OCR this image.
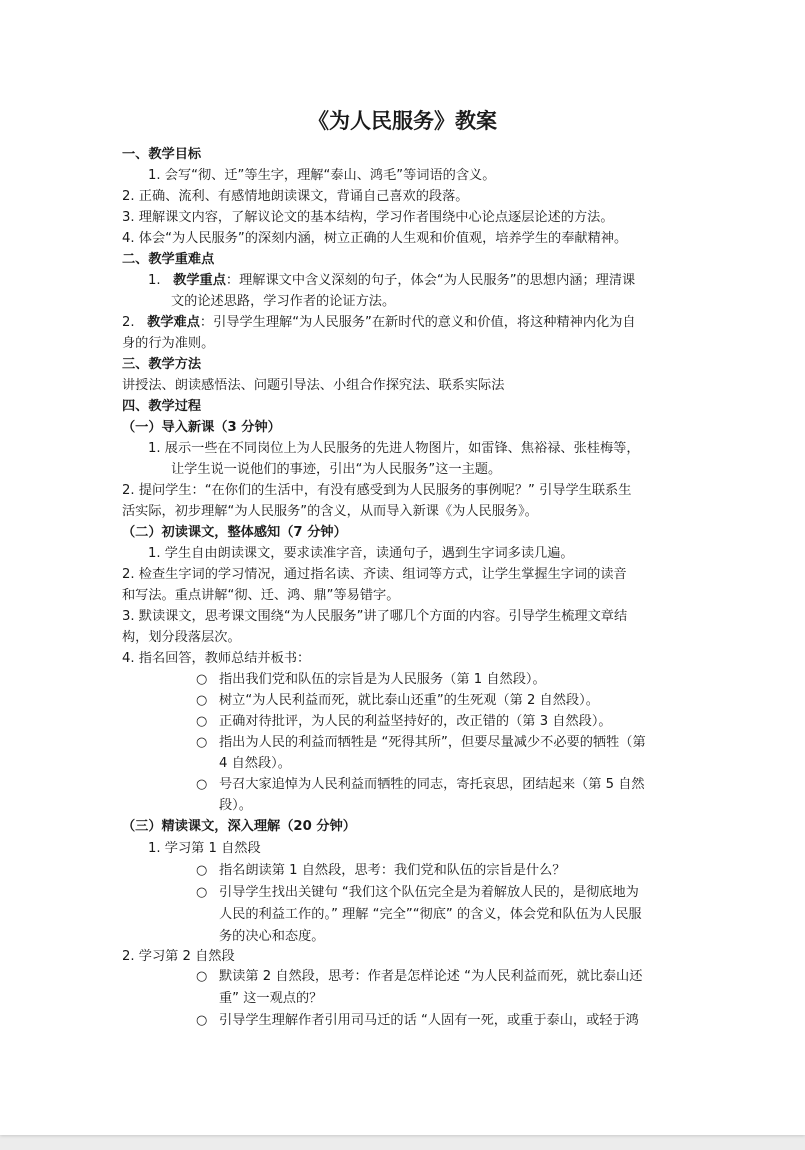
《为人民服务》教案

一、教学目标

1. 会写“彻、迁”等生字，理解“泰山、鸿毛”等词语的含义。

2. 正确、流利、有感情地朗读课文，背诵自己喜欢的段落。

3. 理解课文内容，了解议论文的基本结构，学习作者围绕中心论点逐层论述的方法。

4. 体会“为人民服务”的深刻内涵，树立正确的人生观和价值观，培养学生的奉献精神。

二、教学重难点

1. 教学重点：理解课文中含义深刻的句子，体会“为人民服务”的思想内涵；理清课

文的论述思路，学习作者的论证方法。

2. 教学难点：引导学生理解“为人民服务”在新时代的意义和价值，将这种精神内化为自

身的行为准则。

三、教学方法

讲授法、朗读感悟法、问题引导法、小组合作探究法、联系实际法

四、教学过程

（一）导入新课（3 分钟）

1. 展示一些在不同岗位上为人民服务的先进人物图片，如雷锋、焦裕禄、张桂梅等，

让学生说一说他们的事迹，引出“为人民服务”这一主题。

2. 提问学生：“在你们的生活中，有没有感受到为人民服务的事例呢？” 引导学生联系生

活实际，初步理解“为人民服务”的含义，从而导入新课《为人民服务》。

（二）初读课文，整体感知（7 分钟）

1. 学生自由朗读课文，要求读准字音，读通句子，遇到生字词多读几遍。

2. 检查生字词的学习情况，通过指名读、齐读、组词等方式，让学生掌握生字词的读音

和写法。重点讲解“彻、迁、鸿、鼎”等易错字。

3. 默读课文，思考课文围绕“为人民服务”讲了哪几个方面的内容。引导学生梳理文章结

构，划分段落层次。

4. 指名回答，教师总结并板书：

○ 指出我们党和队伍的宗旨是为人民服务（第 1 自然段）。

○ 树立“为人民利益而死，就比泰山还重”的生死观（第 2 自然段）。

○ 正确对待批评，为人民的利益坚持好的，改正错的（第 3 自然段）。

○ 指出为人民的利益而牺牲是 “死得其所”，但要尽量减少不必要的牺牲（第

4 自然段）。

○ 号召大家追悼为人民利益而牺牲的同志，寄托哀思，团结起来（第 5 自然

段）。

（三）精读课文，深入理解（20 分钟）

1. 学习第 1 自然段

○ 指名朗读第 1 自然段，思考：我们党和队伍的宗旨是什么？

○ 引导学生找出关键句 “我们这个队伍完全是为着解放人民的，是彻底地为

人民的利益工作的。” 理解 “完全”“彻底” 的含义，体会党和队伍为人民服

务的决心和态度。

2. 学习第 2 自然段

○ 默读第 2 自然段，思考：作者是怎样论述 “为人民利益而死，就比泰山还

重” 这一观点的？

○ 引导学生理解作者引用司马迁的话 “人固有一死，或重于泰山，或轻于鸿
